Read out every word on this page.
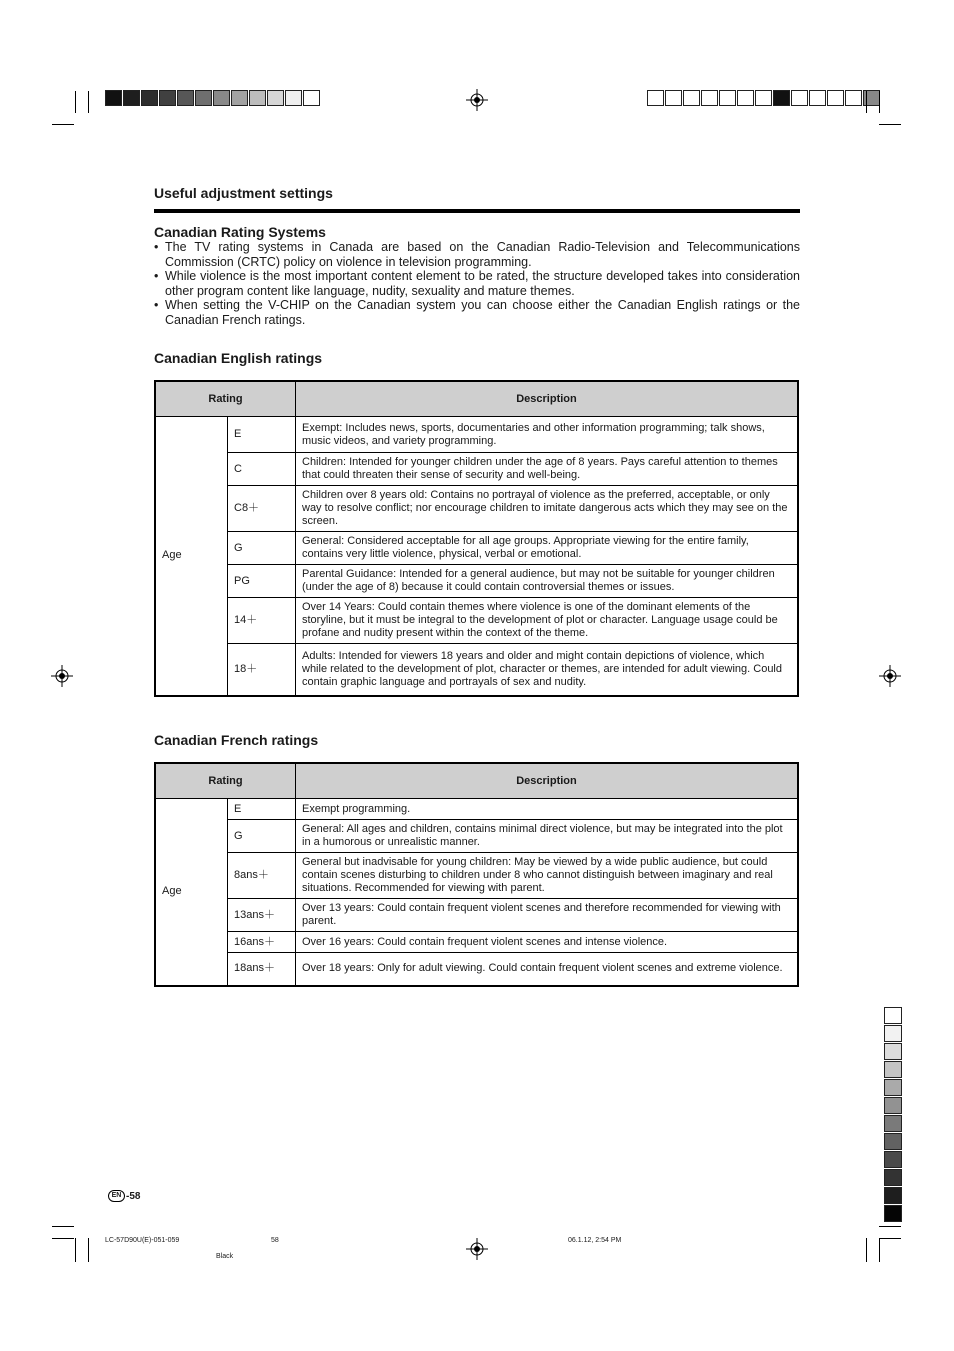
Useful adjustment settings
Canadian Rating Systems
• The TV rating systems in Canada are based on the Canadian Radio-Television and Telecommunications Commission (CRTC) policy on violence in television programming.
• While violence is the most important content element to be rated, the structure developed takes into consideration other program content like language, nudity, sexuality and mature themes.
• When setting the V-CHIP on the Canadian system you can choose either the Canadian English ratings or the Canadian French ratings.
Canadian English ratings
Rating		Description
Age	E	Exempt: Includes news, sports, documentaries and other information programming; talk shows, music videos, and variety programming.
	C	Children: Intended for younger children under the age of 8 years. Pays careful attention to themes that could threaten their sense of security and well-being.
	C8＋	Children over 8 years old: Contains no portrayal of violence as the preferred, acceptable, or only way to resolve conflict; nor encourage children to imitate dangerous acts which they may see on the screen.
	G	General: Considered acceptable for all age groups. Appropriate viewing for the entire family, contains very little violence, physical, verbal or emotional.
	PG	Parental Guidance: Intended for a general audience, but may not be suitable for younger children (under the age of 8) because it could contain controversial themes or issues.
	14＋	Over 14 Years: Could contain themes where violence is one of the dominant elements of the storyline, but it must be integral to the development of plot or character. Language usage could be profane and nudity present within the context of the theme.
	18＋	Adults: Intended for viewers 18 years and older and might contain depictions of violence, which while related to the development of plot, character or themes, are intended for adult viewing. Could contain graphic language and portrayals of sex and nudity.
Canadian French ratings
Rating		Description
Age	E	Exempt programming.
	G	General: All ages and children, contains minimal direct violence, but may be integrated into the plot in a humorous or unrealistic manner.
	8ans＋	General but inadvisable for young children: May be viewed by a wide public audience, but could contain scenes disturbing to children under 8 who cannot distinguish between imaginary and real situations. Recommended for viewing with parent.
	13ans＋	Over 13 years: Could contain frequent violent scenes and therefore recommended for viewing with parent.
	16ans＋	Over 16 years: Could contain frequent violent scenes and intense violence.
	18ans＋	Over 18 years: Only for adult viewing. Could contain frequent violent scenes and extreme violence.
EN -58
LC-57D90U(E)-051-059	58	06.1.12, 2:54 PM
Black
